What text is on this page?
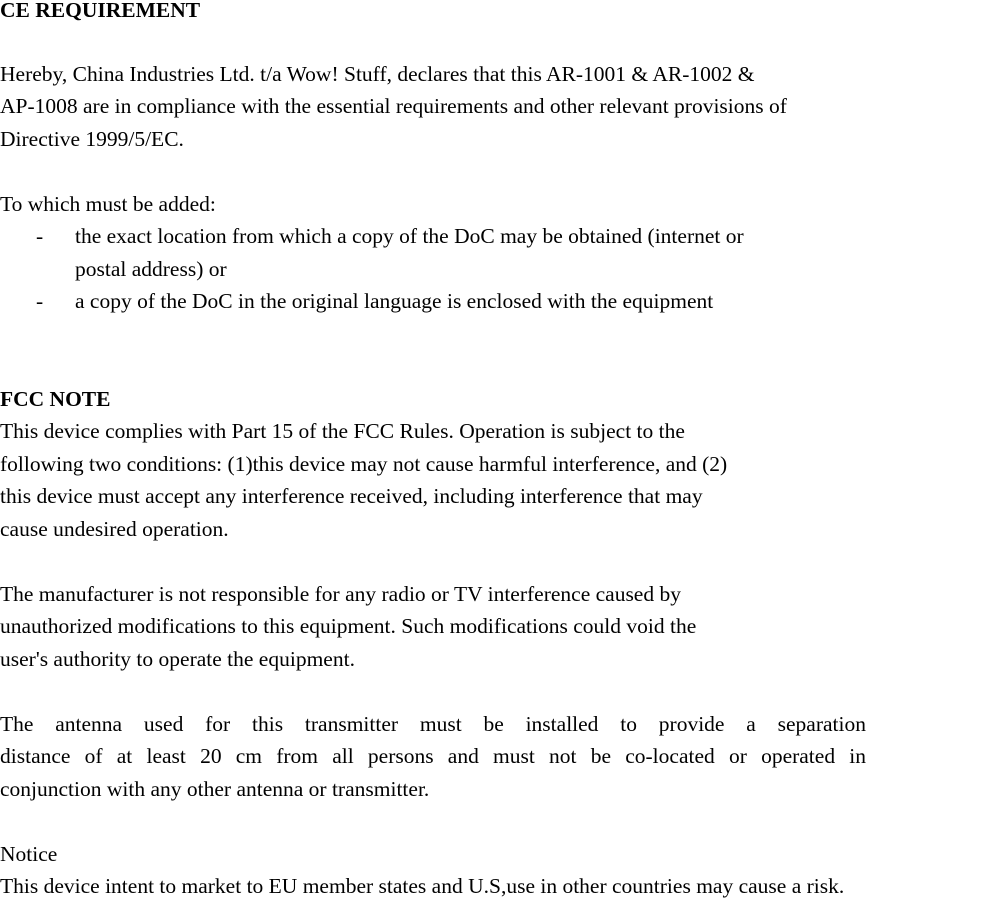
CE REQUIREMENT
Hereby, China Industries Ltd. t/a Wow! Stuff, declares that this AR-1001 & AR-1002 &
AP-1008 are in compliance with the essential requirements and other relevant provisions of
Directive 1999/5/EC.
To which must be added:
- the exact location from which a copy of the DoC may be obtained (internet or
postal address) or
- a copy of the DoC in the original language is enclosed with the equipment
FCC NOTE
This device complies with Part 15 of the FCC Rules. Operation is subject to the
following two conditions: (1)this device may not cause harmful interference, and (2)
this device must accept any interference received, including interference that may
cause undesired operation.
The manufacturer is not responsible for any radio or TV interference caused by
unauthorized modifications to this equipment. Such modifications could void the
user's authority to operate the equipment.
The antenna used for this transmitter must be installed to provide a separation
distance of at least 20 cm from all persons and must not be co-located or operated in
conjunction with any other antenna or transmitter.
Notice
This device intent to market to EU member states and U.S,use in other countries may cause a risk.
